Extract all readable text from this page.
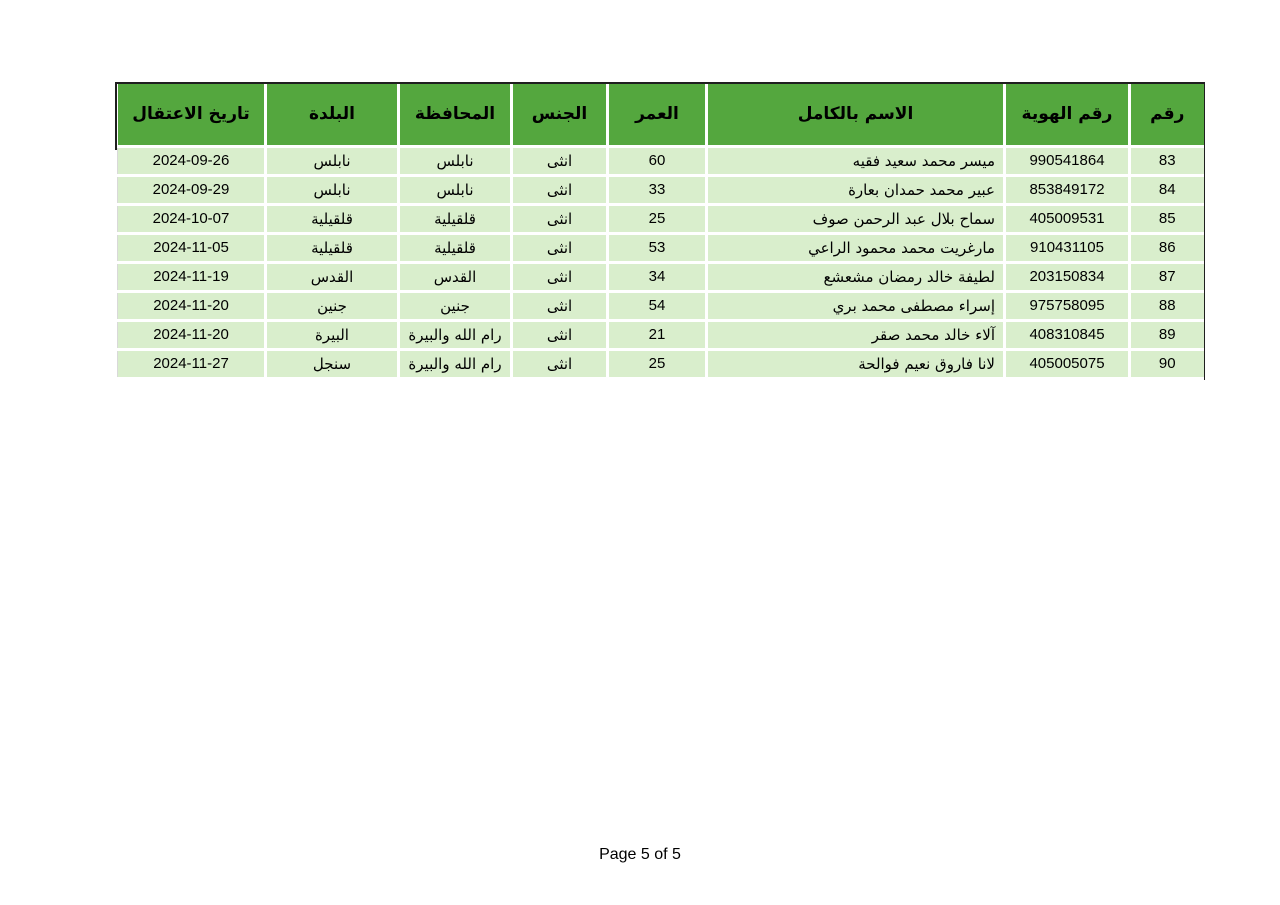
رقم	رقم الهوية	الاسم بالكامل	العمر	الجنس	المحافظة	البلدة	تاريخ الاعتقال
83	990541864	ميسر محمد سعيد فقيه	60	انثى	نابلس	نابلس	2024-09-26
84	853849172	عبير محمد حمدان بعارة	33	انثى	نابلس	نابلس	2024-09-29
85	405009531	سماح بلال عبد الرحمن صوف	25	انثى	قلقيلية	قلقيلية	2024-10-07
86	910431105	مارغريت محمد محمود الراعي	53	انثى	قلقيلية	قلقيلية	2024-11-05
87	203150834	لطيفة خالد رمضان مشعشع	34	انثى	القدس	القدس	2024-11-19
88	975758095	إسراء مصطفى محمد بري	54	انثى	جنين	جنين	2024-11-20
89	408310845	آلاء خالد محمد صقر	21	انثى	رام الله والبيرة	البيرة	2024-11-20
90	405005075	لانا فاروق نعيم فوالحة	25	انثى	رام الله والبيرة	سنجل	2024-11-27
Page 5 of 5
